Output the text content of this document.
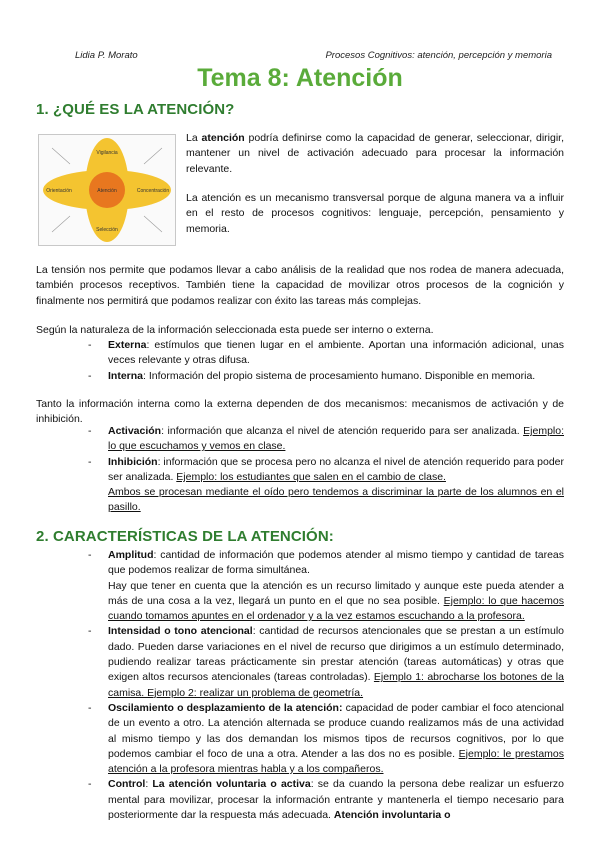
Lidia P. Morato	Procesos Cognitivos: atención, percepción y memoria
Tema 8: Atención
1. ¿QUÉ ES LA ATENCIÓN?
Vigilancia
Orientación	Atención	Concentración
Selección

La atención podría definirse como la capacidad de generar, seleccionar, dirigir, mantener un nivel de activación adecuado para procesar la información relevante.

La atención es un mecanismo transversal porque de alguna manera va a influir en el resto de procesos cognitivos: lenguaje, percepción, pensamiento y memoria.

La tensión nos permite que podamos llevar a cabo análisis de la realidad que nos rodea de manera adecuada, también procesos receptivos. También tiene la capacidad de movilizar otros procesos de la cognición y finalmente nos permitirá que podamos realizar con éxito las tareas más complejas.

Según la naturaleza de la información seleccionada esta puede ser interno o externa.

- Externa: estímulos que tienen lugar en el ambiente. Aportan una información adicional, unas veces relevante y otras difusa.
- Interna: Información del propio sistema de procesamiento humano. Disponible en memoria.

Tanto la información interna como la externa dependen de dos mecanismos: mecanismos de activación y de inhibición.

- Activación: información que alcanza el nivel de atención requerido para ser analizada. Ejemplo: lo que escuchamos y vemos en clase.
- Inhibición: información que se procesa pero no alcanza el nivel de atención requerido para poder ser analizada. Ejemplo: los estudiantes que salen en el cambio de clase.
Ambos se procesan mediante el oído pero tendemos a discriminar la parte de los alumnos en el pasillo.
2. CARACTERÍSTICAS DE LA ATENCIÓN:
- Amplitud: cantidad de información que podemos atender al mismo tiempo y cantidad de tareas que podemos realizar de forma simultánea.
Hay que tener en cuenta que la atención es un recurso limitado y aunque este pueda atender a más de una cosa a la vez, llegará un punto en el que no sea posible. Ejemplo: lo que hacemos cuando tomamos apuntes en el ordenador y a la vez estamos escuchando a la profesora.
- Intensidad o tono atencional: cantidad de recursos atencionales que se prestan a un estímulo dado. Pueden darse variaciones en el nivel de recurso que dirigimos a un estímulo determinado, pudiendo realizar tareas prácticamente sin prestar atención (tareas automáticas) y otras que exigen altos recursos atencionales (tareas controladas). Ejemplo 1: abrocharse los botones de la camisa. Ejemplo 2: realizar un problema de geometría.
- Oscilamiento o desplazamiento de la atención: capacidad de poder cambiar el foco atencional de un evento a otro. La atención alternada se produce cuando realizamos más de una actividad al mismo tiempo y las dos demandan los mismos tipos de recursos cognitivos, por lo que podemos cambiar el foco de una a otra. Atender a las dos no es posible. Ejemplo: le prestamos atención a la profesora mientras habla y a los compañeros.
- Control: La atención voluntaria o activa: se da cuando la persona debe realizar un esfuerzo mental para movilizar, procesar la información entrante y mantenerla el tiempo necesario para posteriormente dar la respuesta más adecuada. Atención involuntaria o
